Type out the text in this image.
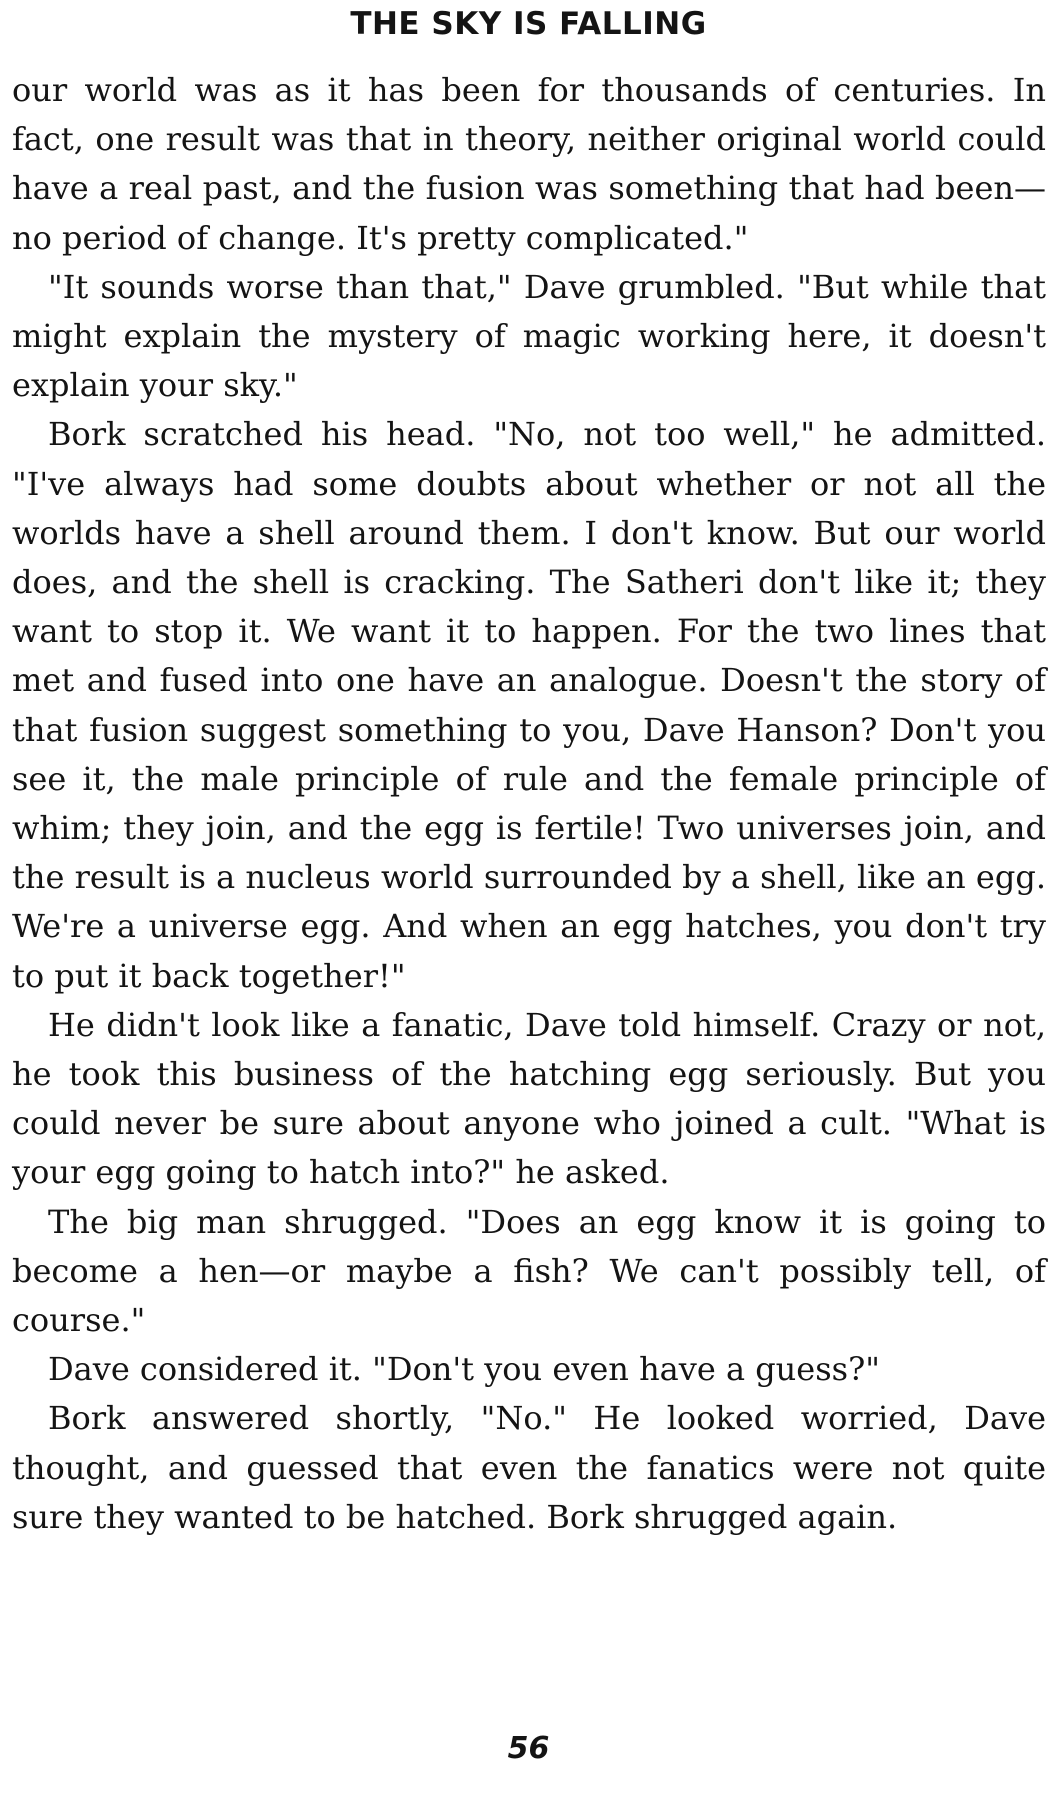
THE SKY IS FALLING

our world was as it has been for thousands of centuries. In fact, one result was that in theory, neither original world could have a real past, and the fusion was something that had been—no period of change. It's pretty complicated."

"It sounds worse than that," Dave grumbled. "But while that might explain the mystery of magic working here, it doesn't explain your sky."

Bork scratched his head. "No, not too well," he admitted. "I've always had some doubts about whether or not all the worlds have a shell around them. I don't know. But our world does, and the shell is cracking. The Satheri don't like it; they want to stop it. We want it to happen. For the two lines that met and fused into one have an analogue. Doesn't the story of that fusion suggest something to you, Dave Hanson? Don't you see it, the male principle of rule and the female principle of whim; they join, and the egg is fertile! Two universes join, and the result is a nucleus world surrounded by a shell, like an egg. We're a universe egg. And when an egg hatches, you don't try to put it back together!"

He didn't look like a fanatic, Dave told himself. Crazy or not, he took this business of the hatching egg seriously. But you could never be sure about anyone who joined a cult. "What is your egg going to hatch into?" he asked.

The big man shrugged. "Does an egg know it is going to become a hen—or maybe a fish? We can't possibly tell, of course."

Dave considered it. "Don't you even have a guess?"

Bork answered shortly, "No." He looked worried, Dave thought, and guessed that even the fanatics were not quite sure they wanted to be hatched. Bork shrugged again.

56
